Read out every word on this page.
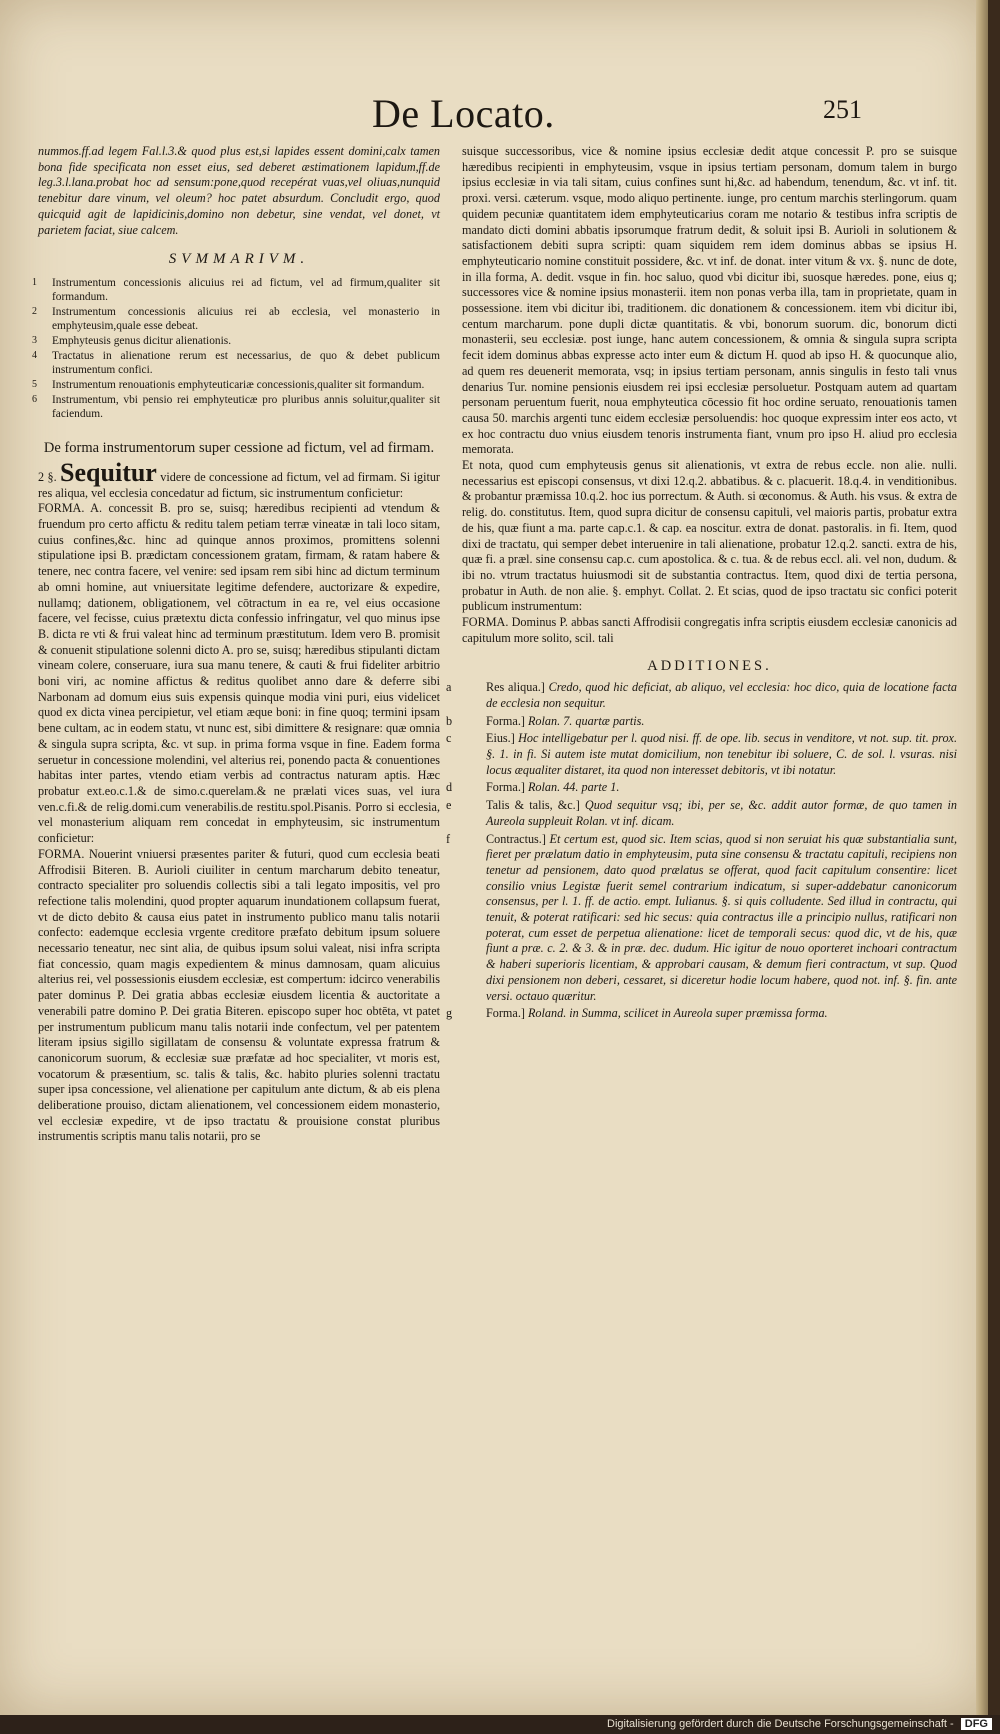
De Locato.	251
nummos.ff.ad legem Fal.l.3.& quod plus est,si lapides essent domini,calx tamen bona fide specificata non esset eius, sed deberet æstimationem lapidum,ff.de leg.3.l.lana.probat hoc ad sensum:pone,quod recepérat vuas,vel oliuas,nunquid tenebitur dare vinum, vel oleum? hoc patet absurdum. Concludit ergo, quod quicquid agit de lapidicinis,domino non debetur, sine vendat, vel donet, vt parietem faciat, siue calcem.
SVMMARIVM.
1 Instrumentum concessionis alicuius rei ad fictum, vel ad firmum,qualiter sit formandum.
2 Instrumentum concessionis alicuius rei ab ecclesia, vel monasterio in emphyteusim,quale esse debeat.
3 Emphyteusis genus dicitur alienationis.
4 Tractatus in alienatione rerum est necessarius, de quo & debet publicum instrumentum confici.
5 Instrumentum renouationis emphyteuticariæ concessionis,qualiter sit formandum.
6 Instrumentum, vbi pensio rei emphyteuticæ pro pluribus annis soluitur,qualiter sit faciendum.
De forma instrumentorum super cessione ad fictum, vel ad firmam.

2 §. Sequitur videre de concessione ad fictum, vel ad firmam. Si igitur res aliqua, vel ecclesia concedatur ad fictum, sic instrumentum conficietur:

FORMA. A. concessit B. pro se, suisq; hæredibus recipienti ad vtendum & fruendum pro certo affictu & reditu talem petiam terræ vineatæ in tali loco sitam, cuius confines,&c. hinc ad quinque annos proximos, promittens solenni stipulatione ipsi B. prædictam concessionem gratam, firmam, & ratam habere & tenere, nec contra facere, vel venire: sed ipsam rem sibi hinc ad dictum terminum ab omni homine, aut vniuersitate legitime defendere, auctorizare & expedire, nullamq; dationem, obligationem, vel cōtractum in ea re, vel eius occasione facere, vel fecisse, cuius prætextu dicta confessio infringatur, vel quo minus ipse B. dicta re vti & frui valeat hinc ad terminum præstitutum. Idem vero B. promisit & conuenit stipulatione solenni dicto A. pro se, suisq; hæredibus stipulanti dictam vineam colere, conseruare, iura sua manu tenere, & cauti & frui fideliter arbitrio boni viri, ac nomine affictus & reditus quolibet anno dare & deferre sibi Narbonam ad domum eius suis expensis quinque modia vini puri, eius videlicet quod ex dicta vinea percipietur, vel etiam æque boni: in fine quoq; termini ipsam bene cultam, ac in eodem statu, vt nunc est, sibi dimittere & resignare: quæ omnia & singula supra scripta, &c. vt sup. in prima forma vsque in fine. Eadem forma seruetur in concessione molendini, vel alterius rei, ponendo pacta & conuentiones habitas inter partes, vtendo etiam verbis ad contractus naturam aptis. Hæc probatur ext.eo.c.1.& de simo.c.querelam.& ne prælati vices suas, vel iura ven.c.fi.& de relig.domi.cum venerabilis.de restitu.spol.Pisanis. Porro si ecclesia, vel monasterium aliquam rem concedat in emphyteusim, sic instrumentum conficietur:

FORMA. Nouerint vniuersi præsentes pariter & futuri, quod cum ecclesia beati Affrodisii Biteren. B. Aurioli ciuiliter in centum marcharum debito teneatur, contracto specialiter pro soluendis collectis sibi a tali legato impositis, vel pro refectione talis molendini, quod propter aquarum inundationem collapsum fuerat, vt de dicto debito & causa eius patet in instrumento publico manu talis notarii confecto: eademque ecclesia vrgente creditore præfato debitum ipsum soluere necessario teneatur, nec sint alia, de quibus ipsum solui valeat, nisi infra scripta fiat concessio, quam magis expedientem & minus damnosam, quam alicuius alterius rei, vel possessionis eiusdem ecclesiæ, est compertum: idcirco venerabilis pater dominus P. Dei gratia abbas ecclesiæ eiusdem licentia & auctoritate a venerabili patre domino P. Dei gratia Biteren. episcopo super hoc obtēta, vt patet per instrumentum publicum manu talis notarii inde confectum, vel per patentem literam ipsius sigillo sigillatam de consensu & voluntate expressa fratrum & canonicorum suorum, & ecclesiæ suæ præfatæ ad hoc specialiter, vt moris est, vocatorum & præsentium, sc. talis & talis, &c. habito pluries solenni tractatu super ipsa concessione, vel alienatione per capitulum ante dictum, & ab eis plena deliberatione prouiso, dictam alienationem, vel concessionem eidem monasterio, vel ecclesiæ expedire, vt de ipso tractatu & prouisione constat pluribus instrumentis scriptis manu talis notarii, pro se

suisque successoribus, vice & nomine ipsius ecclesiæ dedit atque concessit P. pro se suisque hæredibus recipienti in emphyteusim, vsque in ipsius tertiam personam, domum talem in burgo ipsius ecclesiæ in via tali sitam, cuius confines sunt hi,&c. ad habendum, tenendum, &c. vt inf. tit. proxi. versi. cæterum. vsque, modo aliquo pertinente. iunge, pro centum marchis sterlingorum. quam quidem pecuniæ quantitatem idem emphyteuticarius coram me notario & testibus infra scriptis de mandato dicti domini abbatis ipsorumque fratrum dedit, & soluit ipsi B. Aurioli in solutionem & satisfactionem debiti supra scripti: quam siquidem rem idem dominus abbas se ipsius H. emphyteuticario nomine constituit possidere, &c. vt inf. de donat. inter vitum & vx. §. nunc de dote, in illa forma, A. dedit. vsque in fin. hoc saluo, quod vbi dicitur ibi, suosque hæredes. pone, eius q; successores vice & nomine ipsius monasterii. item non ponas verba illa, tam in proprietate, quam in possessione. item vbi dicitur ibi, traditionem. dic donationem & concessionem. item vbi dicitur ibi, centum marcharum. pone dupli dictæ quantitatis. & vbi, bonorum suorum. dic, bonorum dicti monasterii, seu ecclesiæ. post iunge, hanc autem concessionem, & omnia & singula supra scripta fecit idem dominus abbas expresse acto inter eum & dictum H. quod ab ipso H. & quocunque alio, ad quem res deuenerit memorata, vsq; in ipsius tertiam personam, annis singulis in festo tali vnus denarius Tur. nomine pensionis eiusdem rei ipsi ecclesiæ persoluetur. Postquam autem ad quartam personam peruentum fuerit, noua emphyteutica cōcessio fit hoc ordine seruato, renouationis tamen causa 50. marchis argenti tunc eidem ecclesiæ persoluendis: hoc quoque expressim inter eos acto, vt ex hoc contractu duo vnius eiusdem tenoris instrumenta fiant, vnum pro ipso H. aliud pro ecclesia memorata.

Et nota, quod cum emphyteusis genus sit alienationis, vt extra de rebus eccle. non alie. nulli. necessarius est episcopi consensus, vt dixi 12.q.2. abbatibus. & c. placuerit. 18.q.4. in venditionibus. & probantur præmissa 10.q.2. hoc ius porrectum. & Auth. si œconomus. & Auth. his vsus. & extra de relig. do. constitutus. Item, quod supra dicitur de consensu capituli, vel maioris partis, probatur extra de his, quæ fiunt a ma. parte cap.c.1. & cap. ea noscitur. extra de donat. pastoralis. in fi. Item, quod dixi de tractatu, qui semper debet interuenire in tali alienatione, probatur 12.q.2. sancti. extra de his, quæ fi. a præl. sine consensu cap.c. cum apostolica. & c. tua. & de rebus eccl. ali. vel non, dudum. & ibi no. vtrum tractatus huiusmodi sit de substantia contractus. Item, quod dixi de tertia persona, probatur in Auth. de non alie. §. emphyt. Collat. 2. Et scias, quod de ipso tractatu sic confici poterit publicum instrumentum:

FORMA. Dominus P. abbas sancti Affrodisii congregatis infra scriptis eiusdem ecclesiæ canonicis ad capitulum more solito, scil. tali

ADDITIONES.
a	Res aliqua.] Credo, quod hic deficiat, ab aliquo, vel ecclesia: hoc dico, quia de locatione facta de ecclesia non sequitur.
b	Forma.] Rolan. 7. quartæ partis.
c	Eius.] Hoc intelligebatur per l. quod nisi. ff. de ope. lib. secus in venditore, vt not. sup. tit. prox. §. 1. in fi. Si autem iste mutat domicilium, non tenebitur ibi soluere, C. de sol. l. vsuras. nisi locus æqualiter distaret, ita quod non interesset debitoris, vt ibi notatur.
d	Forma.] Rolan. 44. parte 1.
e	Talis & talis, &c.] Quod sequitur vsq; ibi, per se, &c. addit autor formæ, de quo tamen in Aureola suppleuit Rolan. vt inf. dicam.
f	Contractus.] Et certum est, quod sic. Item scias, quod si non seruiat his quæ substantialia sunt, fieret per prælatum datio in emphyteusim, puta sine consensu & tractatu capituli, recipiens non tenetur ad pensionem, dato quod prælatus se offerat, quod facit capitulum consentire: licet consilio vnius Legistæ fuerit semel contrarium indicatum, si super-addebatur canonicorum consensus, per l. 1. ff. de actio. empt. Iulianus. §. si quis colludente. Sed illud in contractu, qui tenuit, & poterat ratificari: sed hic secus: quia contractus ille a principio nullus, ratificari non poterat, cum esset de perpetua alienatione: licet de temporali secus: quod dic, vt de his, quæ fiunt a præ. c. 2. & 3. & in præ. dec. dudum. Hic igitur de nouo oporteret inchoari contractum & haberi superioris licentiam, & approbari causam, & demum fieri contractum, vt sup. Quod dixi pensionem non deberi, cessaret, si diceretur hodie locum habere, quod not. inf. §. fin. ante versi. octauo quæritur.
g	Forma.] Roland. in Summa, scilicet in Aureola super præmissa forma.
Digitalisierung gefördert durch die Deutsche Forschungsgemeinschaft - DFG
